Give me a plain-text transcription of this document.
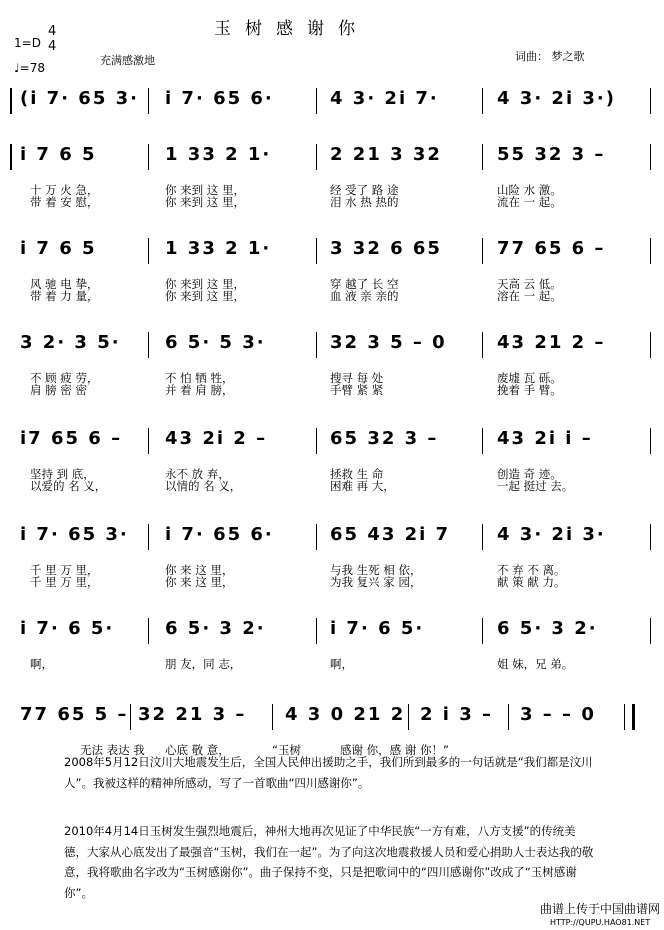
玉树感谢你
1=D
4
4
♩=78
充满感激地	词曲： 梦之歌
(i 7· 65 3· i 7· 65 6·	4 3· 2i 7·	4 3· 2i 3·)
i 7 6 5	1 33 2 1·	2 21 3 32	55 32 3 –
十 万 火 急，	你 来到 这 里，	经 受了 路 途	山险 水 激。
带 着 安 慰，	你 来到 这 里，	泪 水 热 热的	流在 一 起。
i 7 6 5	1 33 2 1·	3 32 6 65	77 65 6 –
风 驰 电 挚，	你 来到 这 里，	穿 越了 长 空	天高 云 低。
带 着 力 量，	你 来到 这 里，	血 液 亲 亲的	溶在 一 起。
3 2· 3 5· 6 5· 5 3·	32 3 5 – 0	43 21 2 –
不 顾 疲 劳，	不 怕 牺 牲，	搜寻 每 处	废墟 瓦 砾。
肩 膀 密 密	并 着 肩 膀，	手臂 紧 紧	挽着 手 臂。
i7 65 6 – 43 2i 2 –	65 32 3 –	43 2i i –
坚持 到 底，	永不 放 弃，	拯救 生 命	创造 奇 迹。
以爱的 名 义，	以情的 名 义，	困难 再 大，	一起 挺过 去。
i 7· 65 3· i 7· 65 6·	65 43 2i 7	4 3· 2i 3·
千 里 万 里，	你 来 这 里，	与我 生死 相 依，	不 弃 不 离。
千 里 万 里，	你 来 这 里，	为我 复兴 家 园，	献 策 献 力。
i 7· 6 5·	6 5· 3 2·	i 7· 6 5·	6 5· 3 2·
啊，	朋 友，同 志，	啊，	姐 妹，兄 弟。
77 65 5 – 32 21 3 – 4 3 0 21 2 2 i 3 – 3 – – 0
无法 表达 我 心底 敬 意，	“玉树	感谢 你，感 谢 你！”
2008年5月12日汶川大地震发生后，全国人民伸出援助之手，我们所到最多的一句话就是“我们都是汶川人”。我被这样的精神所感动，写了一首歌曲“四川感谢你”。
2010年4月14日玉树发生强烈地震后，神州大地再次见证了中华民族“一方有难，八方支援”的传统美德，大家从心底发出了最强音“玉树，我们在一起”。为了向这次地震救援人员和爱心捐助人士表达我的敬意，我将歌曲名字改为“玉树感谢你”。曲子保持不变，只是把歌词中的“四川感谢你”改成了“玉树感谢你”。
曲谱上传于中国曲谱网
HTTP://QUPU.HAO81.NET
